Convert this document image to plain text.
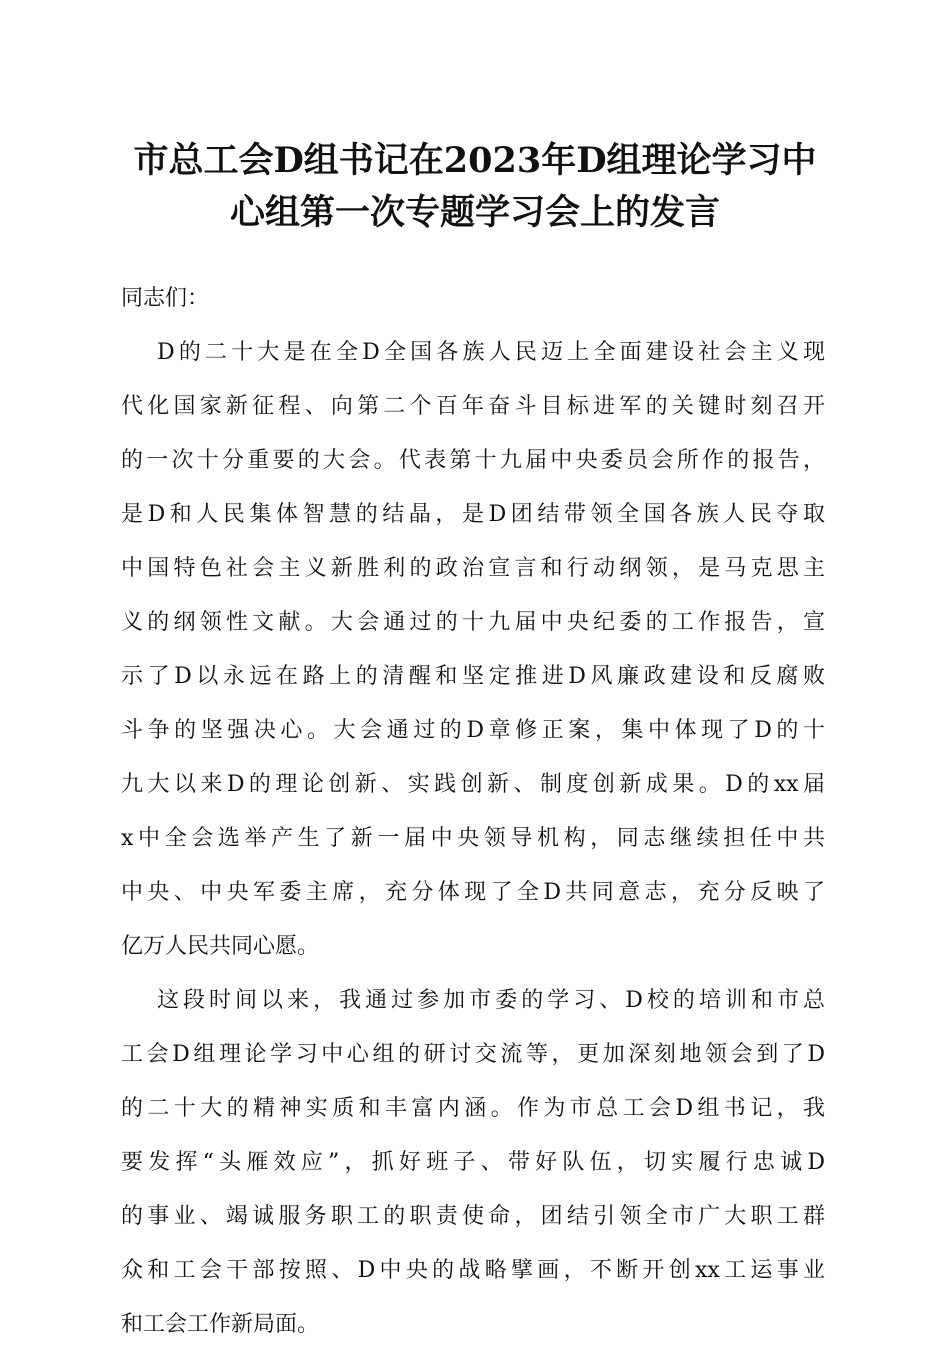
市总工会D组书记在2023年D组理论学习中
心组第一次专题学习会上的发言

同志们：

D的二十大是在全D全国各族人民迈上全面建设社会主义现
代化国家新征程、向第二个百年奋斗目标进军的关键时刻召开
的一次十分重要的大会。代表第十九届中央委员会所作的报告，
是D和人民集体智慧的结晶，是D团结带领全国各族人民夺取
中国特色社会主义新胜利的政治宣言和行动纲领，是马克思主
义的纲领性文献。大会通过的十九届中央纪委的工作报告，宣
示了D以永远在路上的清醒和坚定推进D风廉政建设和反腐败
斗争的坚强决心。大会通过的D章修正案，集中体现了D的十
九大以来D的理论创新、实践创新、制度创新成果。D的xx届
x中全会选举产生了新一届中央领导机构，同志继续担任中共
中央、中央军委主席，充分体现了全D共同意志，充分反映了
亿万人民共同心愿。

这段时间以来，我通过参加市委的学习、D校的培训和市总
工会D组理论学习中心组的研讨交流等，更加深刻地领会到了D
的二十大的精神实质和丰富内涵。作为市总工会D组书记，我
要发挥“头雁效应”，抓好班子、带好队伍，切实履行忠诚D
的事业、竭诚服务职工的职责使命，团结引领全市广大职工群
众和工会干部按照、D中央的战略擘画，不断开创xx工运事业
和工会工作新局面。
